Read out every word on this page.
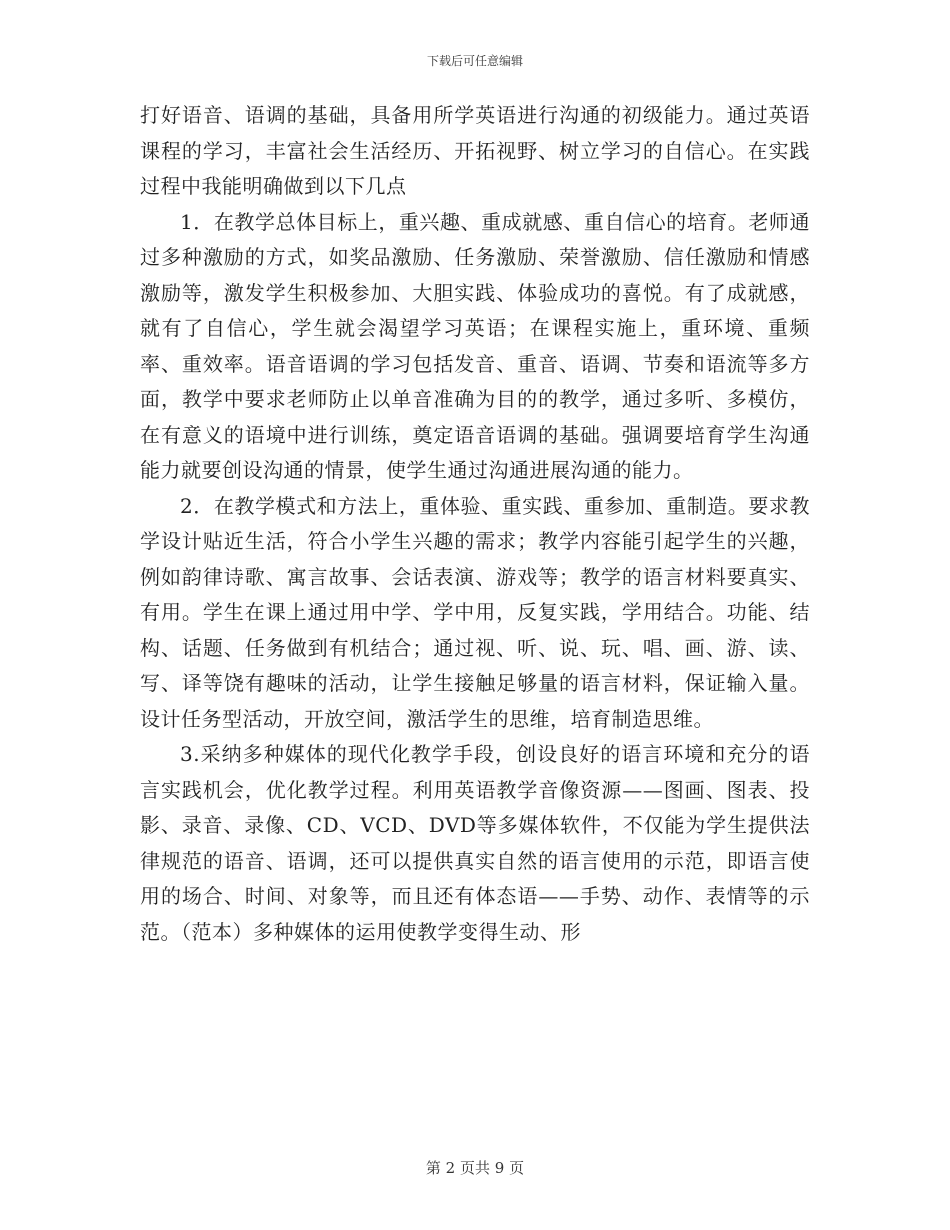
下载后可任意编辑

打好语音、语调的基础，具备用所学英语进行沟通的初级能力。通过英语课程的学习，丰富社会生活经历、开拓视野、树立学习的自信心。在实践过程中我能明确做到以下几点

1．在教学总体目标上，重兴趣、重成就感、重自信心的培育。老师通过多种激励的方式，如奖品激励、任务激励、荣誉激励、信任激励和情感激励等，激发学生积极参加、大胆实践、体验成功的喜悦。有了成就感，就有了自信心，学生就会渴望学习英语；在课程实施上，重环境、重频率、重效率。语音语调的学习包括发音、重音、语调、节奏和语流等多方面，教学中要求老师防止以单音准确为目的的教学，通过多听、多模仿，在有意义的语境中进行训练，奠定语音语调的基础。强调要培育学生沟通能力就要创设沟通的情景，使学生通过沟通进展沟通的能力。

2．在教学模式和方法上，重体验、重实践、重参加、重制造。要求教学设计贴近生活，符合小学生兴趣的需求；教学内容能引起学生的兴趣，例如韵律诗歌、寓言故事、会话表演、游戏等；教学的语言材料要真实、有用。学生在课上通过用中学、学中用，反复实践，学用结合。功能、结构、话题、任务做到有机结合；通过视、听、说、玩、唱、画、游、读、写、译等饶有趣味的活动，让学生接触足够量的语言材料，保证输入量。设计任务型活动，开放空间，激活学生的思维，培育制造思维。

3.采纳多种媒体的现代化教学手段，创设良好的语言环境和充分的语言实践机会，优化教学过程。利用英语教学音像资源——图画、图表、投影、录音、录像、CD、VCD、DVD等多媒体软件，不仅能为学生提供法律规范的语音、语调，还可以提供真实自然的语言使用的示范，即语言使用的场合、时间、对象等，而且还有体态语——手势、动作、表情等的示范。（范本）多种媒体的运用使教学变得生动、形

第 2 页共 9 页
